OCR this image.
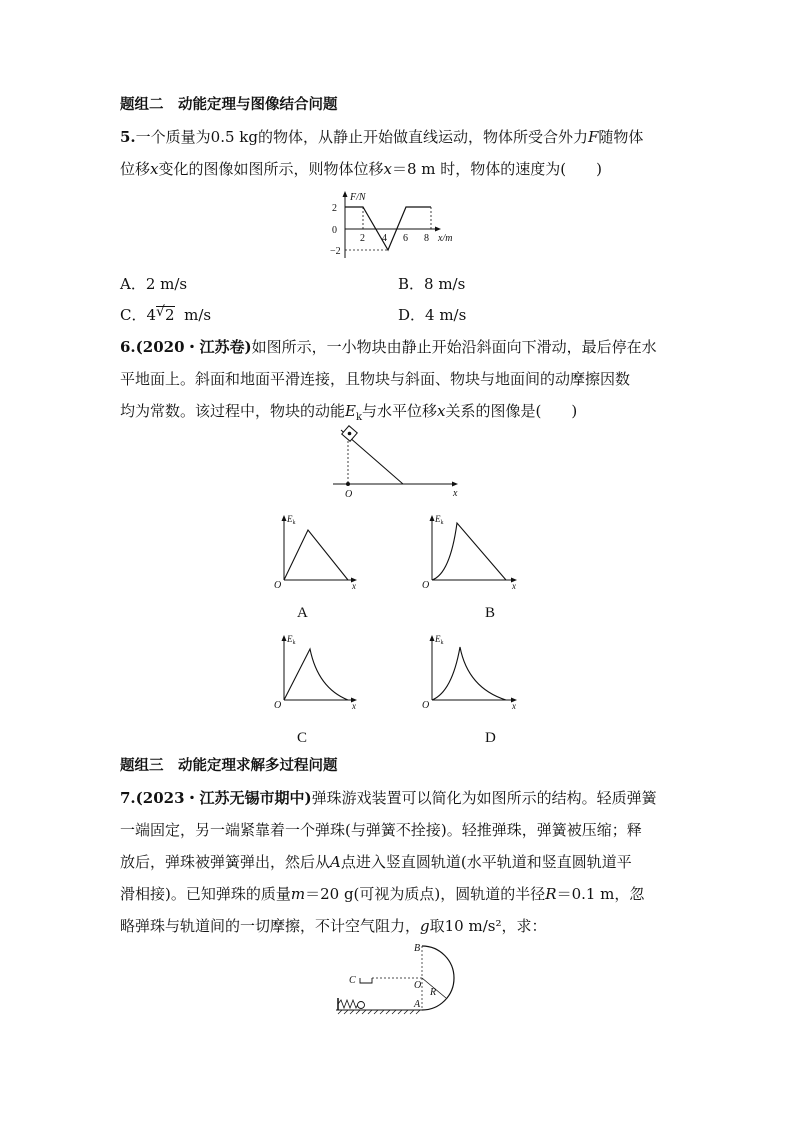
题组二　动能定理与图像结合问题
5.一个质量为0.5 kg的物体，从静止开始做直线运动，物体所受合外力F随物体
位移x变化的图像如图所示，则物体位移x＝8 m 时，物体的速度为(　　)
F/N
2
0
−2
2 4 6 8 x/m
A．2 m/s	B．8 m/s
C．4 √ 2 m/s	D．4 m/s
6.(2020・江苏卷)如图所示，一小物块由静止开始沿斜面向下滑动，最后停在水
平地面上。斜面和地面平滑连接，且物块与斜面、物块与地面间的动摩擦因数
均为常数。该过程中，物块的动能$E_k$与水平位移x关系的图像是(　　)
O	x
$E_k$
O	x
A
$E_k$
O	x
B
$E_k$
O	x
C
$E_k$
O	x
D
题组三　动能定理求解多过程问题
7.(2023・江苏无锡市期中)弹珠游戏装置可以简化为如图所示的结构。轻质弹簧
一端固定，另一端紧靠着一个弹珠(与弹簧不拴接)。轻推弹珠，弹簧被压缩；释
放后，弹珠被弹簧弹出，然后从A点进入竖直圆轨道(水平轨道和竖直圆轨道平
滑相接)。已知弹珠的质量m＝20 g(可视为质点)，圆轨道的半径R＝0.1 m，忽
略弹珠与轨道间的一切摩擦，不计空气阻力，g取10 m/s²，求：
C
B
O
R
A
